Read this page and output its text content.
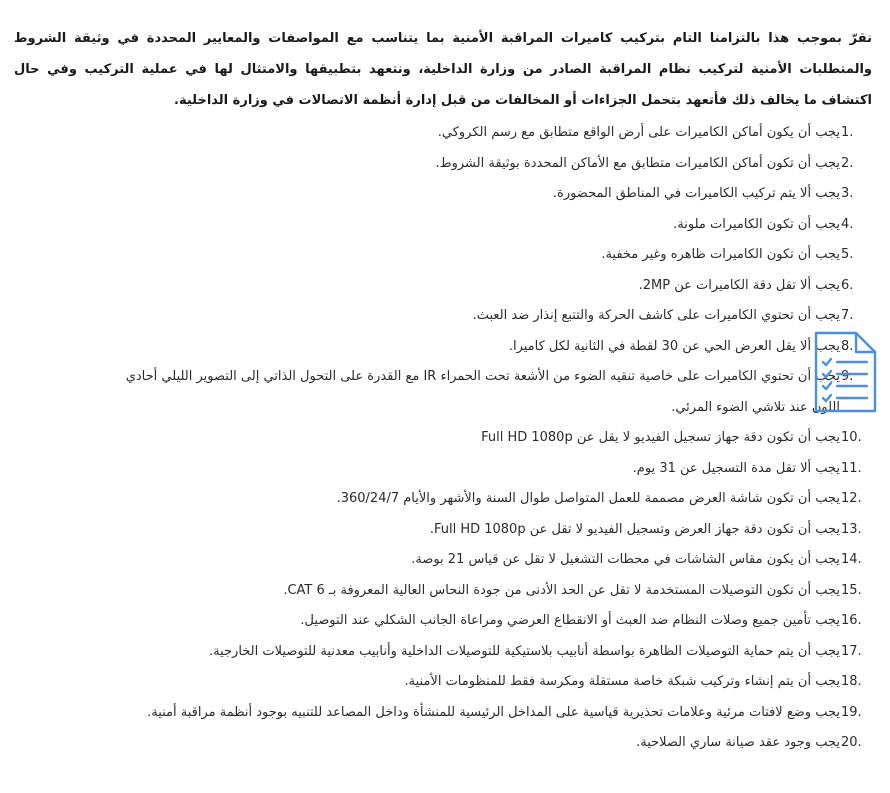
نقرّ بموجب هذا بالتزامنا التام بتركيب كاميرات المراقبة الأمنية بما يتناسب مع المواصفات والمعايير المحددة في وثيقة الشروط والمتطلبات الأمنية لتركيب نظام المراقبة الصادر من وزارة الداخلية، ونتعهد بتطبيقها والامتثال لها في عملية التركيب وفي حال اكتشاف ما يخالف ذلك فأتعهد بتحمل الجزاءات أو المخالفات من قبل إدارة أنظمة الاتصالات في وزارة الداخلية.

1.
يجب أن يكون أماكن الكاميرات على أرض الواقع متطابق مع رسم الكروكي.
2.
يجب أن تكون أماكن الكاميرات متطابق مع الأماكن المحددة بوثيقة الشروط.
3.
يجب ألا يتم تركيب الكاميرات في المناطق المحضورة.
4.
يجب أن تكون الكاميرات ملونة.
5.
يجب أن تكون الكاميرات ظاهره وغير مخفية.
6.
يجب ألا تقل دقة الكاميرات عن 2MP.
7.
يجب أن تحتوي الكاميرات على كاشف الحركة والتتبع إنذار ضد العبث.
8.
يجب ألا يقل العرض الحي عن 30 لقطة في الثانية لكل كاميرا.
9.
يجب أن تحتوي الكاميرات على خاصية تنقيه الضوء من الأشعة تحت الحمراء IR مع القدرة على التحول الذاتي إلى التصوير الليلي أحادي اللون عند تلاشي الضوء المرئي.
10.
يجب أن تكون دقة جهاز تسجيل الفيديو لا يقل عن Full HD 1080p
11.
يجب ألا تقل مدة التسجيل عن 31 يوم.
12.
يجب أن تكون شاشة العرض مصممة للعمل المتواصل طوال السنة والأشهر والأيام 360/24/7.
13.
يجب أن تكون دقة جهاز العرض وتسجيل الفيديو لا تقل عن Full HD 1080p.
14.
يجب أن يكون مقاس الشاشات في محطات التشغيل لا تقل عن قياس 21 بوصة.
15.
يجب أن تكون التوصيلات المستخدمة لا تقل عن الحد الأدنى من جودة النحاس العالية المعروفة بـ CAT 6.
16.
يجب تأمين جميع وصلات النظام ضد العبث أو الانقطاع العرضي ومراعاة الجانب الشكلي عند التوصيل.
17.
يجب أن يتم حماية التوصيلات الظاهرة بواسطة أنابيب بلاستيكية للتوصيلات الداخلية وأنابيب معدنية للتوصيلات الخارجية.
18.
يجب أن يتم إنشاء وتركيب شبكة خاصة مستقلة ومكرسة فقط للمنظومات الأمنية.
19.
يجب وضع لافتات مرئية وعلامات تحذيرية قياسية على المداخل الرئيسية للمنشأة وداخل المصاعد للتنبيه بوجود أنظمة مراقبة أمنية.
20.
يجب وجود عقد صيانة ساري الصلاحية.
